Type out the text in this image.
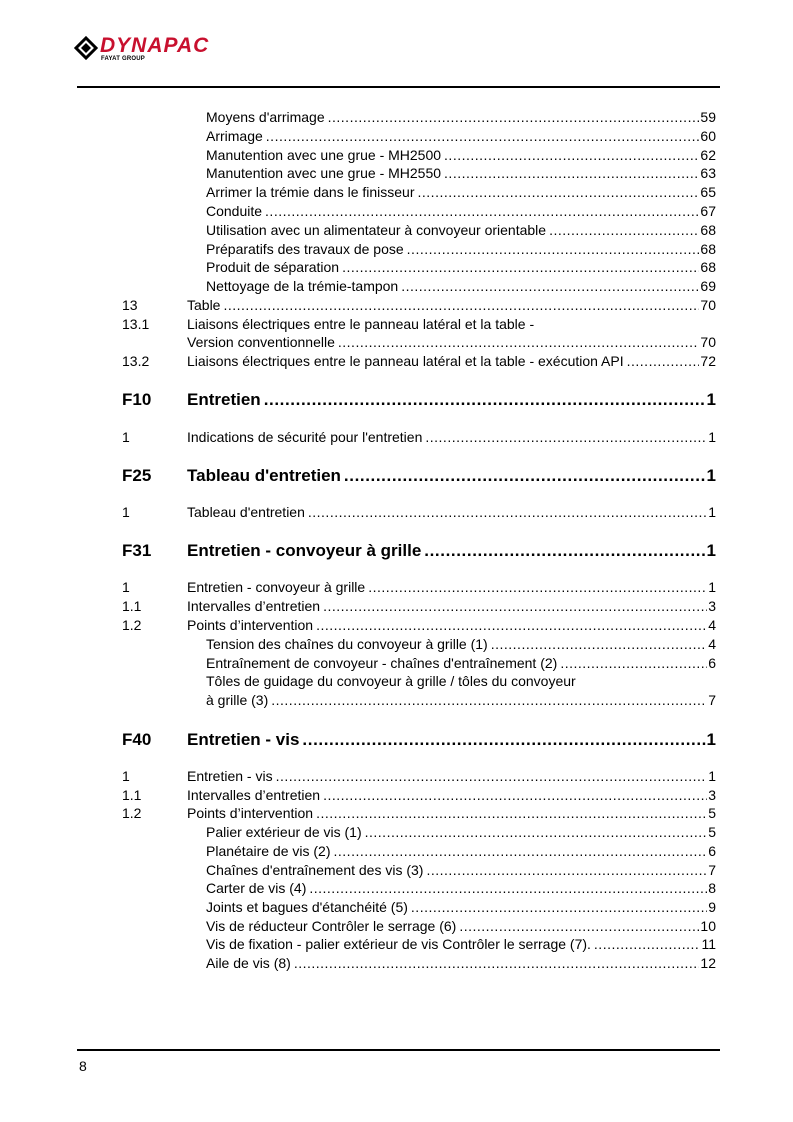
DYNAPAC
FAYAT GROUP
Moyens d'arrimage .....	59
Arrimage .....	60
Manutention avec une grue - MH2500 .....	62
Manutention avec une grue - MH2550 .....	63
Arrimer la trémie dans le finisseur .....	65
Conduite .....	67
Utilisation avec un alimentateur à convoyeur orientable .....	68
Préparatifs des travaux de pose .....	68
Produit de séparation .....	68
Nettoyage de la trémie-tampon .....	69
13	Table .....	70
13.1	Liaisons électriques entre le panneau latéral et la table -
Version conventionnelle .....	70
13.2	Liaisons électriques entre le panneau latéral et la table - exécution API .....	72
F10 Entretien .....	1
1	Indications de sécurité pour l'entretien .....	1
F25 Tableau d'entretien .....	1
1	Tableau d'entretien .....	1
F31 Entretien - convoyeur à grille .....	1
1	Entretien - convoyeur à grille .....	1
1.1	Intervalles d’entretien .....	3
1.2	Points d’intervention .....	4
Tension des chaînes du convoyeur à grille (1) .....	4
Entraînement de convoyeur - chaînes d'entraînement (2) .....	6
Tôles de guidage du convoyeur à grille / tôles du convoyeur
à grille (3) .....	7
F40 Entretien - vis .....	1
1	Entretien - vis .....	1
1.1	Intervalles d’entretien .....	3
1.2	Points d’intervention .....	5
Palier extérieur de vis (1) .....	5
Planétaire de vis (2) .....	6
Chaînes d'entraînement des vis (3) .....	7
Carter de vis (4) .....	8
Joints et bagues d'étanchéité (5) .....	9
Vis de réducteur Contrôler le serrage (6) .....	10
Vis de fixation - palier extérieur de vis Contrôler le serrage (7). .....	11
Aile de vis (8) .....	12
8
